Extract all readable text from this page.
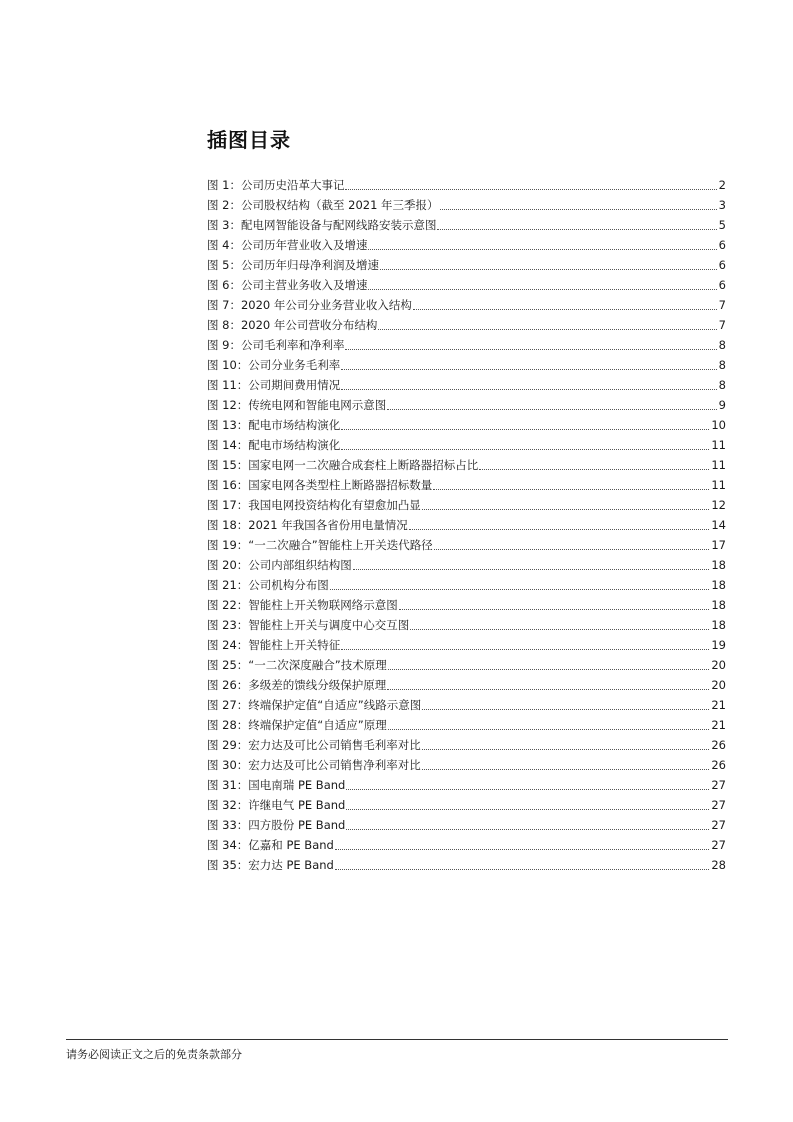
插图目录
图 1：公司历史沿革大事记	2
图 2：公司股权结构（截至 2021 年三季报）	3
图 3：配电网智能设备与配网线路安装示意图	5
图 4：公司历年营业收入及增速	6
图 5：公司历年归母净利润及增速	6
图 6：公司主营业务收入及增速	6
图 7：2020 年公司分业务营业收入结构	7
图 8：2020 年公司营收分布结构	7
图 9：公司毛利率和净利率	8
图 10：公司分业务毛利率	8
图 11：公司期间费用情况	8
图 12：传统电网和智能电网示意图	9
图 13：配电市场结构演化	10
图 14：配电市场结构演化	11
图 15：国家电网一二次融合成套柱上断路器招标占比	11
图 16：国家电网各类型柱上断路器招标数量	11
图 17：我国电网投资结构化有望愈加凸显	12
图 18：2021 年我国各省份用电量情况	14
图 19：“一二次融合”智能柱上开关迭代路径	17
图 20：公司内部组织结构图	18
图 21：公司机构分布图	18
图 22：智能柱上开关物联网络示意图	18
图 23：智能柱上开关与调度中心交互图	18
图 24：智能柱上开关特征	19
图 25：“一二次深度融合”技术原理	20
图 26：多级差的馈线分级保护原理	20
图 27：终端保护定值“自适应”线路示意图	21
图 28：终端保护定值“自适应”原理	21
图 29：宏力达及可比公司销售毛利率对比	26
图 30：宏力达及可比公司销售净利率对比	26
图 31：国电南瑞 PE Band	27
图 32：许继电气 PE Band	27
图 33：四方股份 PE Band	27
图 34：亿嘉和 PE Band	27
图 35：宏力达 PE Band	28
请务必阅读正文之后的免责条款部分
